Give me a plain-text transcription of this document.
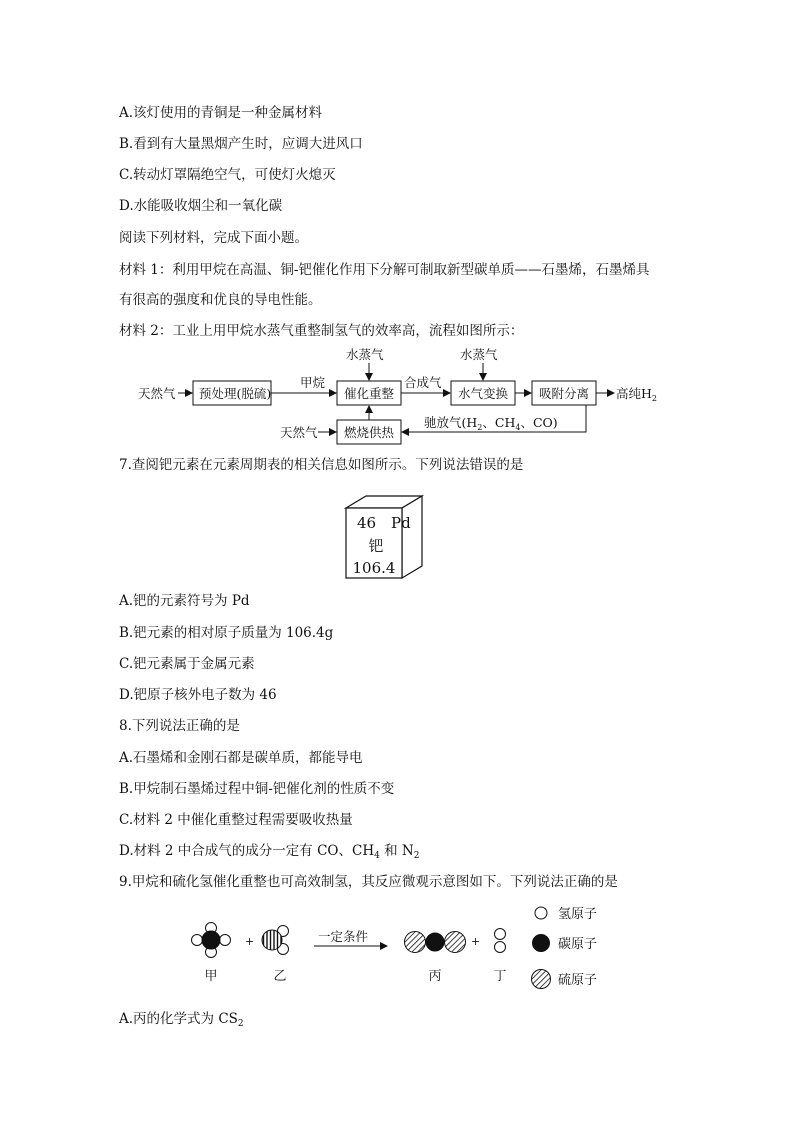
A.该灯使用的青铜是一种金属材料
B.看到有大量黑烟产生时，应调大进风口
C.转动灯罩隔绝空气，可使灯火熄灭
D.水能吸收烟尘和一氧化碳
阅读下列材料，完成下面小题。
材料 1：利用甲烷在高温、铜-钯催化作用下分解可制取新型碳单质——石墨烯，石墨烯具
有很高的强度和优良的导电性能。
材料 2：工业上用甲烷水蒸气重整制氢气的效率高，流程如图所示：
天然气 预处理(脱硫)
甲烷
水蒸气
催化重整
合成气
水蒸气
水气变换 吸附分离 高纯$H_2$
天然气 燃烧供热
驰放气($H_2$、$CH_4$、CO)
7.查阅钯元素在元素周期表的相关信息如图所示。下列说法错误的是
46 Pd
钯
106.4
A.钯的元素符号为 Pd
B.钯元素的相对原子质量为 106.4g
C.钯元素属于金属元素
D.钯原子核外电子数为 46
8.下列说法正确的是
A.石墨烯和金刚石都是碳单质，都能导电
B.甲烷制石墨烯过程中铜-钯催化剂的性质不变
C.材料 2 中催化重整过程需要吸收热量
D.材料 2 中合成气的成分一定有 CO、$CH_4$ 和 $N_2$
9.甲烷和硫化氢催化重整也可高效制氢，其反应微观示意图如下。下列说法正确的是
+	一定条件	+
甲	乙	丙	丁
氢原子
碳原子
硫原子
A.丙的化学式为 $CS_2$
